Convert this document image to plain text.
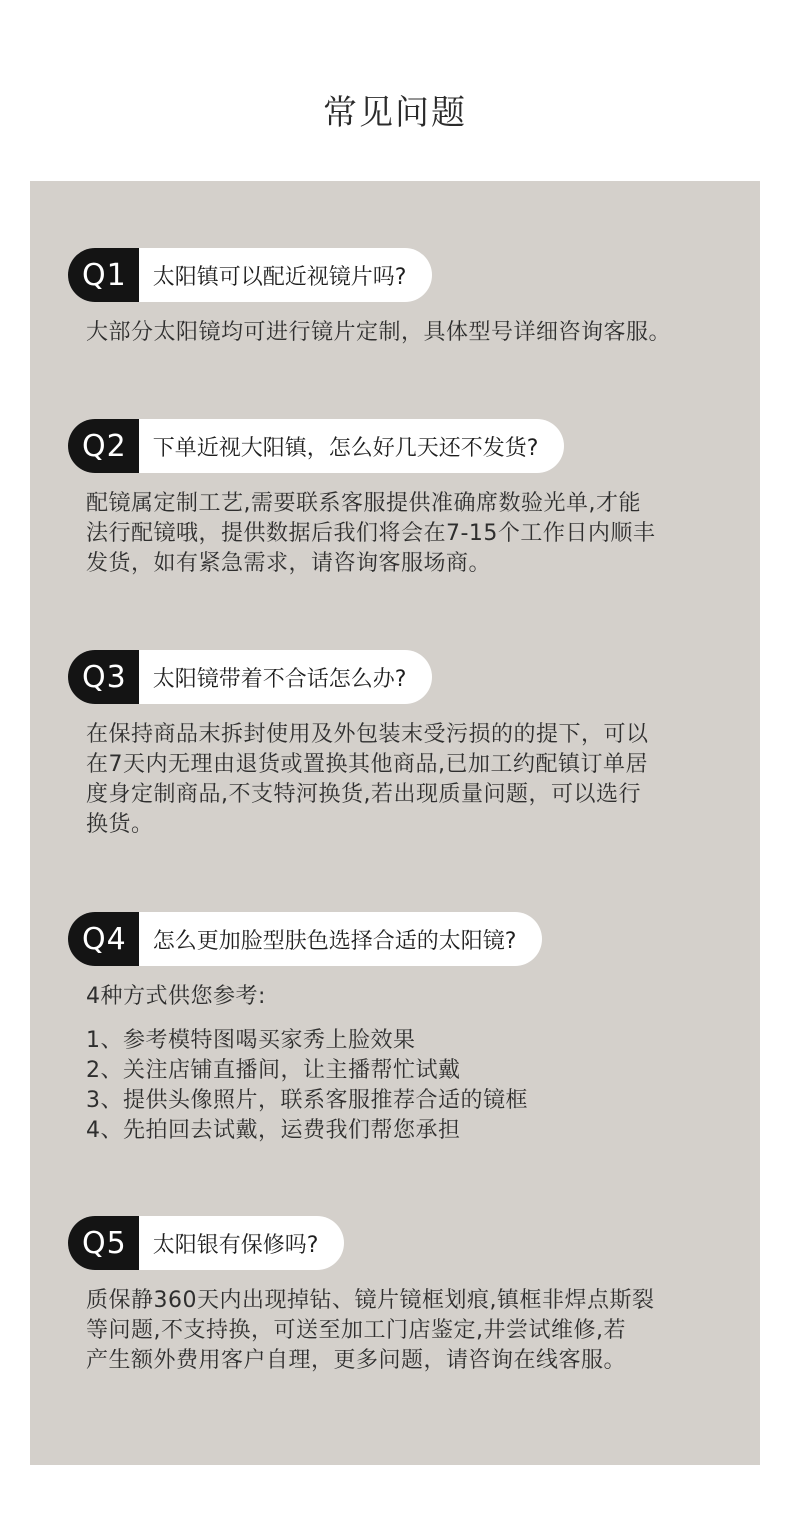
常见问题
Q1	太阳镇可以配近视镜片吗?

大部分太阳镜均可进行镜片定制，具体型号详细咨询客服。

Q2	下单近视大阳镇，怎么好几天还不发货?

配镜属定制工艺,需要联系客服提供准确席数验光单,才能

法行配镜哦，提供数据后我们将会在7-15个工作日内顺丰

发货，如有紧急需求，请咨询客服场商。

Q3	太阳镜带着不合话怎么办?

在保持商品末拆封使用及外包装末受污损的的提下，可以

在7天内无理由退货或置换其他商品,已加工约配镇订单居

度身定制商品,不支特河换货,若出现质量问题，可以选行

换货。

Q4	怎么更加脸型肤色选择合适的太阳镜?

4种方式供您参考:

1、参考模特图喝买家秀上脸效果

2、关注店铺直播间，让主播帮忙试戴

3、提供头像照片，联系客服推荐合适的镜框

4、先拍回去试戴，运费我们帮您承担

Q5	太阳银有保修吗?

质保静360天内出现掉钻、镜片镜框划痕,镇框非焊点斯裂

等问题,不支持换，可送至加工门店鉴定,井尝试维修,若

产生额外费用客户自理，更多问题，请咨询在线客服。
